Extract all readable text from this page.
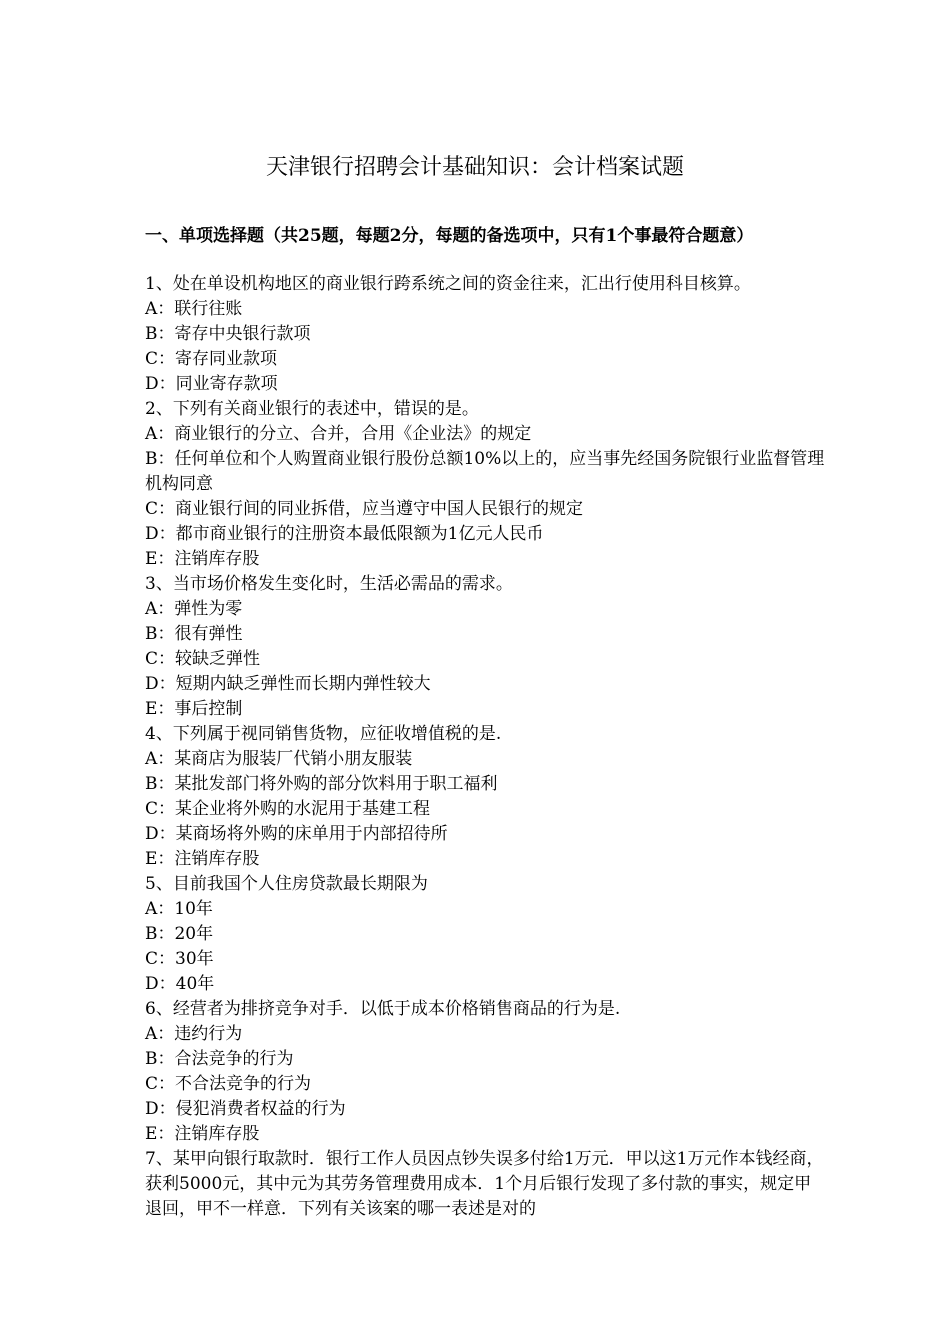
天津银行招聘会计基础知识：会计档案试题
一、单项选择题（共25题，每题2分，每题的备选项中，只有1个事最符合题意）

1、处在单设机构地区的商业银行跨系统之间的资金往来，汇出行使用科目核算。

A：联行往账

B：寄存中央银行款项

C：寄存同业款项

D：同业寄存款项

2、下列有关商业银行的表述中，错误的是。

A：商业银行的分立、合并，合用《企业法》的规定

B：任何单位和个人购置商业银行股份总额10%以上的，应当事先经国务院银行业监督管理机构同意

C：商业银行间的同业拆借，应当遵守中国人民银行的规定

D：都市商业银行的注册资本最低限额为1亿元人民币

E：注销库存股

3、当市场价格发生变化时，生活必需品的需求。

A：弹性为零

B：很有弹性

C：较缺乏弹性

D：短期内缺乏弹性而长期内弹性较大

E：事后控制

4、下列属于视同销售货物，应征收增值税的是.

A：某商店为服装厂代销小朋友服装

B：某批发部门将外购的部分饮料用于职工福利

C：某企业将外购的水泥用于基建工程

D：某商场将外购的床单用于内部招待所

E：注销库存股

5、目前我国个人住房贷款最长期限为

A：10年

B：20年

C：30年

D：40年

6、经营者为排挤竞争对手．以低于成本价格销售商品的行为是.

A：违约行为

B：合法竞争的行为

C：不合法竞争的行为

D：侵犯消费者权益的行为

E：注销库存股

7、某甲向银行取款时．银行工作人员因点钞失误多付给1万元．甲以这1万元作本钱经商，获利5000元，其中元为其劳务管理费用成本．1个月后银行发现了多付款的事实，规定甲退回，甲不一样意．下列有关该案的哪一表述是对的
